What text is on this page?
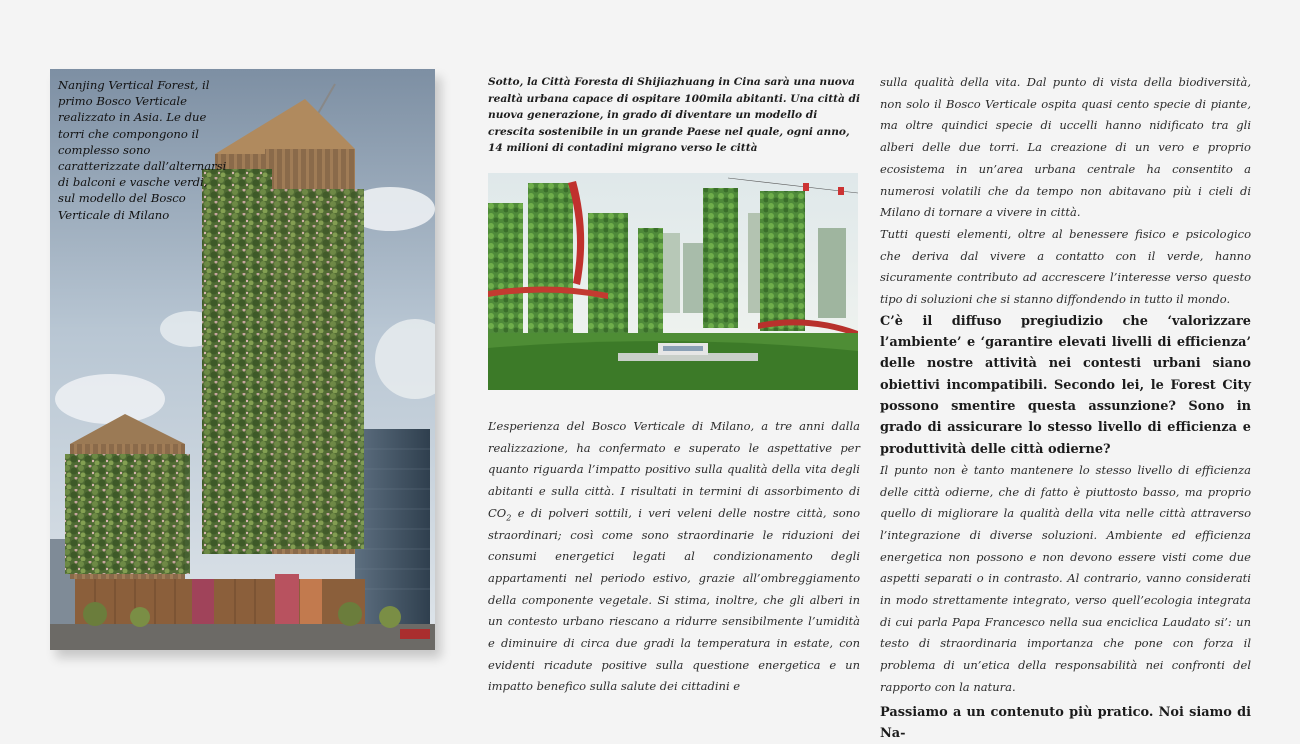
Nanjing Vertical Forest, il primo Bosco Verticale realizzato in Asia. Le due torri che compongono il complesso sono caratterizzate dall’alternarsi di balconi e vasche verdi, sul modello del Bosco Verticale di Milano
Sotto, la Città Foresta di Shijiazhuang in Cina sarà una nuova realtà urbana capace di ospitare 100mila abitanti. Una città di nuova generazione, in grado di diventare un modello di crescita sostenibile in un grande Paese nel quale, ogni anno, 14 milioni di contadini migrano verso le città

L’esperienza del Bosco Verticale di Milano, a tre anni dalla realizzazione, ha confermato e superato le aspettative per quanto riguarda l’impatto positivo sulla qualità della vita degli abitanti e sulla città. I risultati in termini di assorbimento di $CO_2$ e di polveri sottili, i veri veleni delle nostre città, sono straordinari; così come sono straordinarie le riduzioni dei consumi energetici legati al condizionamento degli appartamenti nel periodo estivo, grazie all’ombreggiamento della componente vegetale. Si stima, inoltre, che gli alberi in un contesto urbano riescano a ridurre sensibilmente l’umidità e diminuire di circa due gradi la temperatura in estate, con evidenti ricadute positive sulla questione energetica e un impatto benefico sulla salute dei cittadini e

sulla qualità della vita. Dal punto di vista della biodiversità, non solo il Bosco Verticale ospita quasi cento specie di piante, ma oltre quindici specie di uccelli hanno nidificato tra gli alberi delle due torri. La creazione di un vero e proprio ecosistema in un’area urbana centrale ha consentito a numerosi volatili che da tempo non abitavano più i cieli di Milano di tornare a vivere in città.

Tutti questi elementi, oltre al benessere fisico e psicologico che deriva dal vivere a contatto con il verde, hanno sicuramente contributo ad accrescere l’interesse verso questo tipo di soluzioni che si stanno diffondendo in tutto il mondo.

C’è il diffuso pregiudizio che ‘valorizzare l’ambiente’ e ‘garantire elevati livelli di efficienza’ delle nostre attività nei contesti urbani siano obiettivi incompatibili. Secondo lei, le Forest City possono smentire questa assunzione? Sono in grado di assicurare lo stesso livello di efficienza e produttività delle città odierne?

Il punto non è tanto mantenere lo stesso livello di efficienza delle città odierne, che di fatto è piuttosto basso, ma proprio quello di migliorare la qualità della vita nelle città attraverso l’integrazione di diverse soluzioni. Ambiente ed efficienza energetica non possono e non devono essere visti come due aspetti separati o in contrasto. Al contrario, vanno considerati in modo strettamente integrato, verso quell’ecologia integrata di cui parla Papa Francesco nella sua enciclica Laudato si’: un testo di straordinaria importanza che pone con forza il problema di un’etica della responsabilità nei confronti del rapporto con la natura.

Passiamo a un contenuto più pratico. Noi siamo di Na-
